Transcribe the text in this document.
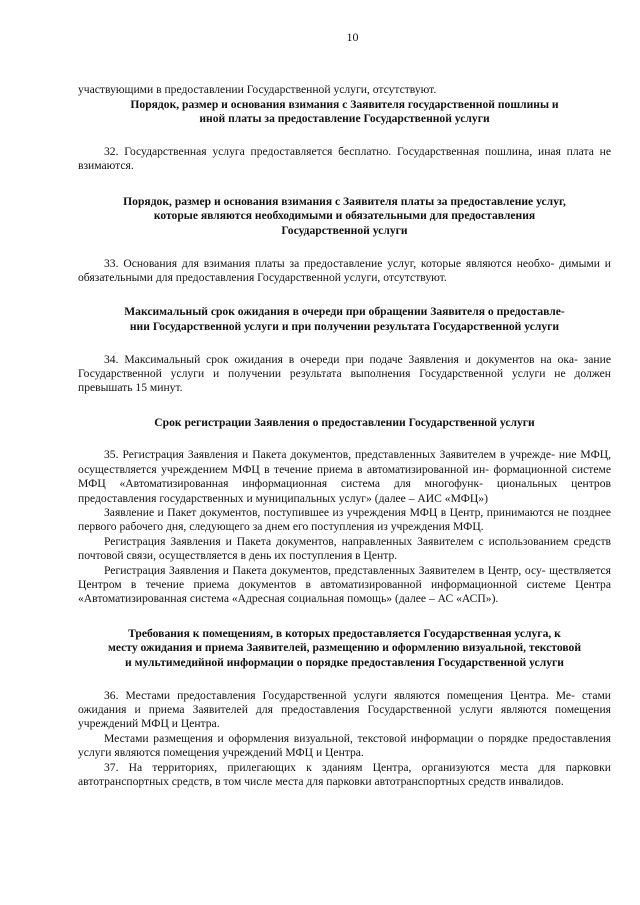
10
участвующими в предоставлении Государственной услуги, отсутствуют.
Порядок, размер и основания взимания с Заявителя государственной пошлины и
иной платы за предоставление Государственной услуги
32. Государственная услуга предоставляется бесплатно. Государственная пошлина, иная плата не взимаются.
Порядок, размер и основания взимания с Заявителя платы за предоставление услуг,
которые являются необходимыми и обязательными для предоставления
Государственной услуги
33. Основания для взимания платы за предоставление услуг, которые являются необхо- димыми и обязательными для предоставления Государственной услуги, отсутствуют.
Максимальный срок ожидания в очереди при обращении Заявителя о предоставле-
нии Государственной услуги и при получении результата Государственной услуги
34. Максимальный срок ожидания в очереди при подаче Заявления и документов на ока- зание Государственной услуги и получении результата выполнения Государственной услуги не должен превышать 15 минут.
Срок регистрации Заявления о предоставлении Государственной услуги
35. Регистрация Заявления и Пакета документов, представленных Заявителем в учрежде- ние МФЦ, осуществляется учреждением МФЦ в течение приема в автоматизированной ин- формационной системе МФЦ «Автоматизированная информационная система для многофунк- циональных центров предоставления государственных и муниципальных услуг» (далее – АИС «МФЦ»)
Заявление и Пакет документов, поступившее из учреждения МФЦ в Центр, принимаются не позднее первого рабочего дня, следующего за днем его поступления из учреждения МФЦ.
Регистрация Заявления и Пакета документов, направленных Заявителем с использованием средств почтовой связи, осуществляется в день их поступления в Центр.
Регистрация Заявления и Пакета документов, представленных Заявителем в Центр, осу- ществляется Центром в течение приема документов в автоматизированной информационной системе Центра «Автоматизированная система «Адресная социальная помощь» (далее – АС «АСП»).
Требования к помещениям, в которых предоставляется Государственная услуга, к
месту ожидания и приема Заявителей, размещению и оформлению визуальной, текстовой
и мультимедийной информации о порядке предоставления Государственной услуги
36. Местами предоставления Государственной услуги являются помещения Центра. Ме- стами ожидания и приема Заявителей для предоставления Государственной услуги являются помещения учреждений МФЦ и Центра.
Местами размещения и оформления визуальной, текстовой информации о порядке предоставления услуги являются помещения учреждений МФЦ и Центра.
37. На территориях, прилегающих к зданиям Центра, организуются места для парковки автотранспортных средств, в том числе места для парковки автотранспортных средств инвалидов.
